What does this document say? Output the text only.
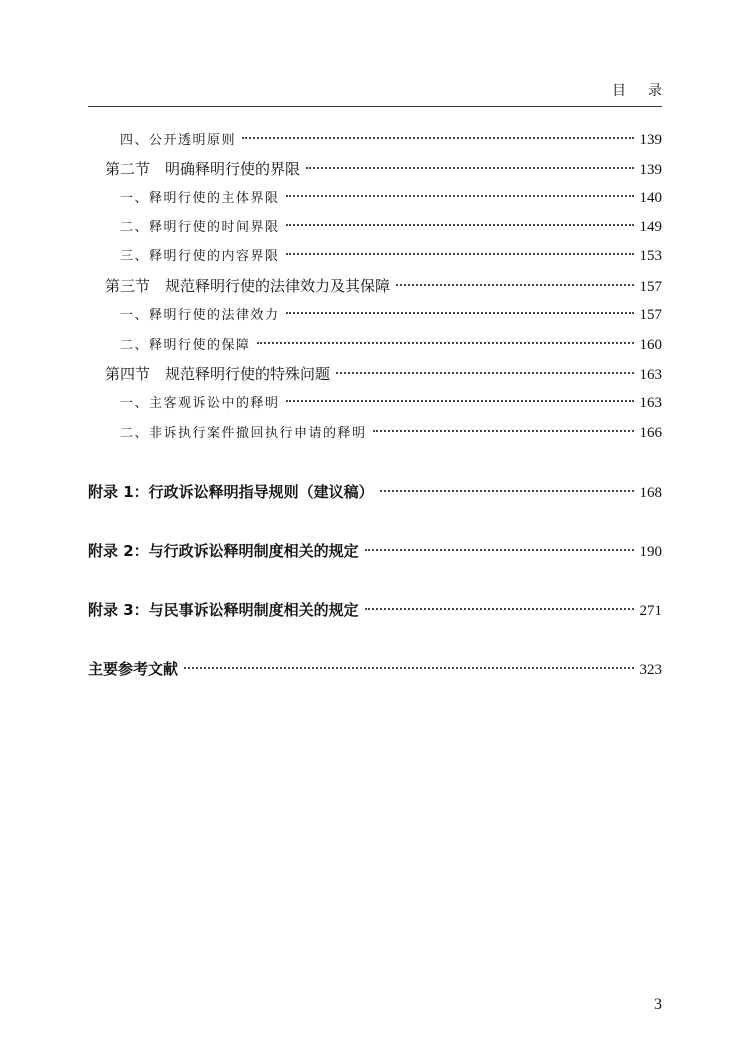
目录
四、公开透明原则	139
第二节　明确释明行使的界限	139
一、释明行使的主体界限	140
二、释明行使的时间界限	149
三、释明行使的内容界限	153
第三节　规范释明行使的法律效力及其保障	157
一、释明行使的法律效力	157
二、释明行使的保障	160
第四节　规范释明行使的特殊问题	163
一、主客观诉讼中的释明	163
二、非诉执行案件撤回执行申请的释明	166
附录 1：行政诉讼释明指导规则（建议稿）	168
附录 2：与行政诉讼释明制度相关的规定	190
附录 3：与民事诉讼释明制度相关的规定	271
主要参考文献	323
3
